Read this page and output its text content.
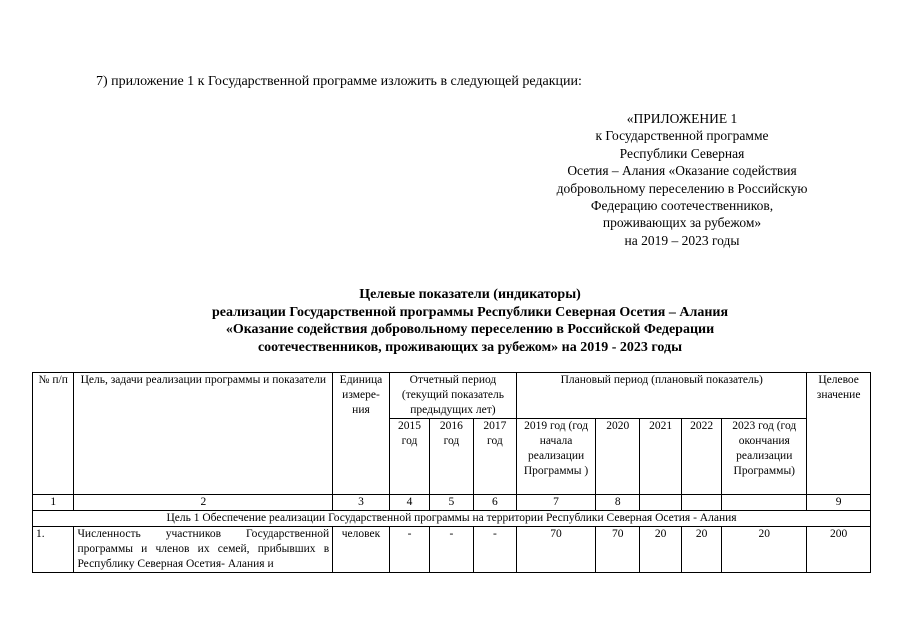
7) приложение 1 к Государственной программе изложить в следующей редакции:
«ПРИЛОЖЕНИЕ 1
к Государственной программе
Республики Северная
Осетия – Алания «Оказание содействия
добровольному переселению в Российскую
Федерацию соотечественников,
проживающих за рубежом»
на 2019 – 2023 годы
Целевые показатели (индикаторы)
реализации Государственной программы Республики Северная Осетия – Алания
«Оказание содействия добровольному переселению в Российской Федерации
соотечественников, проживающих за рубежом» на 2019 - 2023 годы
№ п/п	Цель, задачи реализации программы и показатели	Единица измере-ния	Отчетный период (текущий показатель предыдущих лет)			Плановый период (плановый показатель)					Целевое значение
			2015 год	2016 год	2017 год	2019 год (год начала реализации Программы )	2020	2021	2022	2023 год (год окончания реализации Программы)	
1	2	3	4	5	6	7	8				9
Цель 1 Обеспечение реализации Государственной программы на территории Республики Северная Осетия - Алания											
1.	Численность участников Государственной программы и членов их семей, прибывших в Республику Северная Осетия- Алания и	человек	-	-	-	70	70	20	20	20	200
